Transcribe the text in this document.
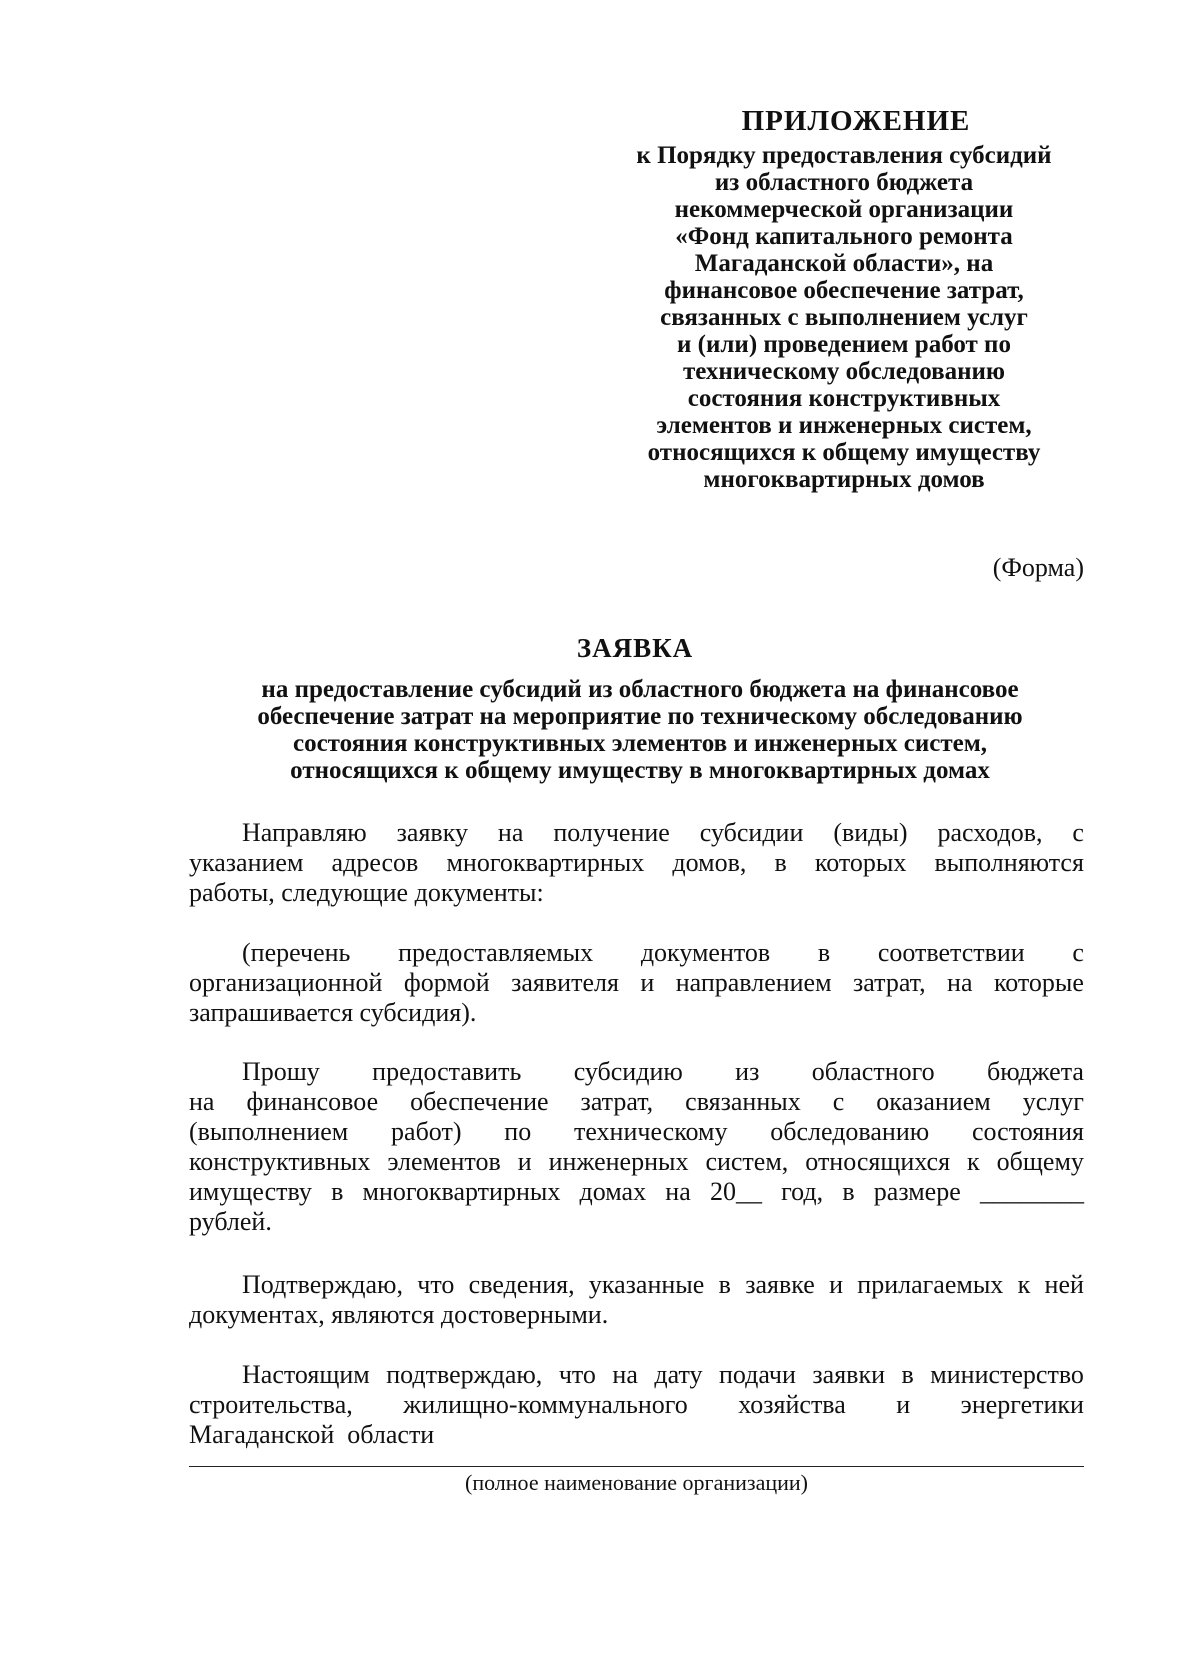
ПРИЛОЖЕНИЕ
к Порядку предоставления субсидий
из областного бюджета
некоммерческой организации
«Фонд капитального ремонта
Магаданской области», на
финансовое обеспечение затрат,
связанных с выполнением услуг
и (или) проведением работ по
техническому обследованию
состояния конструктивных
элементов и инженерных систем,
относящихся к общему имуществу
многоквартирных домов
(Форма)
ЗАЯВКА
на предоставление субсидий из областного бюджета на финансовое
обеспечение затрат на мероприятие по техническому обследованию
состояния конструктивных элементов и инженерных систем,
относящихся к общему имуществу в многоквартирных домах
Направляю заявку на получение субсидии (виды) расходов, с
указанием адресов многоквартирных домов, в которых выполняются
работы, следующие документы:
(перечень предоставляемых документов в соответствии с
организационной формой заявителя и направлением затрат, на которые
запрашивается субсидия).
Прошу предоставить субсидию из областного бюджета
на финансовое обеспечение затрат, связанных с оказанием услуг
(выполнением работ) по техническому обследованию состояния
конструктивных элементов и инженерных систем, относящихся к общему
имуществу в многоквартирных домах на 20__ год, в размере ________
рублей.
Подтверждаю, что сведения, указанные в заявке и прилагаемых к ней
документах, являются достоверными.
Настоящим подтверждаю, что на дату подачи заявки в министерство
строительства, жилищно-коммунального хозяйства и энергетики
Магаданской  области
(полное наименование организации)
